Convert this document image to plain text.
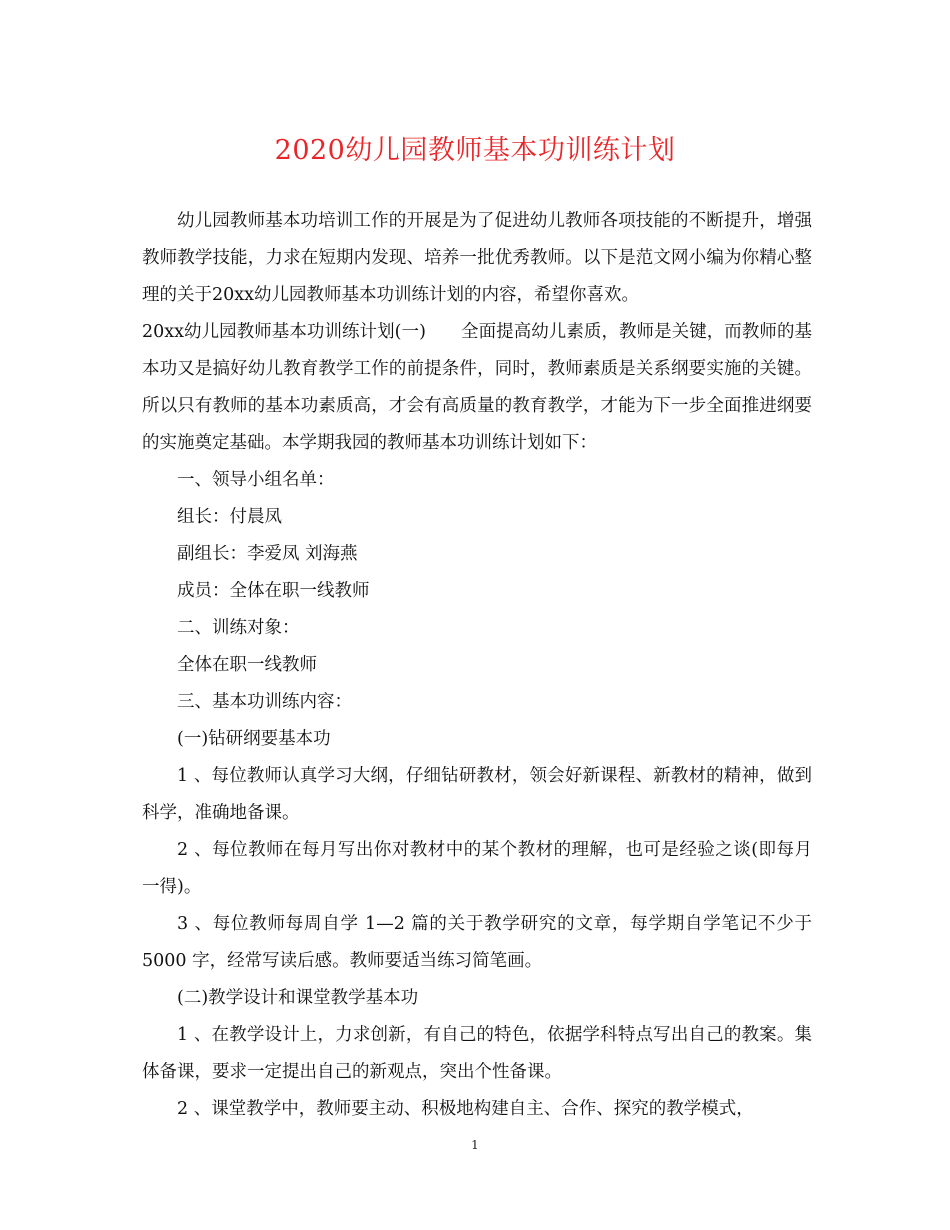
2020幼儿园教师基本功训练计划

幼儿园教师基本功培训工作的开展是为了促进幼儿教师各项技能的不断提升，增强教师教学技能，力求在短期内发现、培养一批优秀教师。以下是范文网小编为你精心整理的关于20xx幼儿园教师基本功训练计划的内容，希望你喜欢。

20xx幼儿园教师基本功训练计划(一)　　全面提高幼儿素质，教师是关键，而教师的基本功又是搞好幼儿教育教学工作的前提条件，同时，教师素质是关系纲要实施的关键。所以只有教师的基本功素质高，才会有高质量的教育教学，才能为下一步全面推进纲要的实施奠定基础。本学期我园的教师基本功训练计划如下：

一、领导小组名单：

组长：付晨凤

副组长：李爱凤 刘海燕

成员：全体在职一线教师

二、训练对象：

全体在职一线教师

三、基本功训练内容：

(一)钻研纲要基本功

1 、每位教师认真学习大纲，仔细钻研教材，领会好新课程、新教材的精神，做到科学，准确地备课。

2 、每位教师在每月写出你对教材中的某个教材的理解，也可是经验之谈(即每月一得)。

3 、每位教师每周自学 1—2 篇的关于教学研究的文章，每学期自学笔记不少于 5000 字，经常写读后感。教师要适当练习简笔画。

(二)教学设计和课堂教学基本功

1 、在教学设计上，力求创新，有自己的特色，依据学科特点写出自己的教案。集体备课，要求一定提出自己的新观点，突出个性备课。

2 、课堂教学中，教师要主动、积极地构建自主、合作、探究的教学模式，

1
